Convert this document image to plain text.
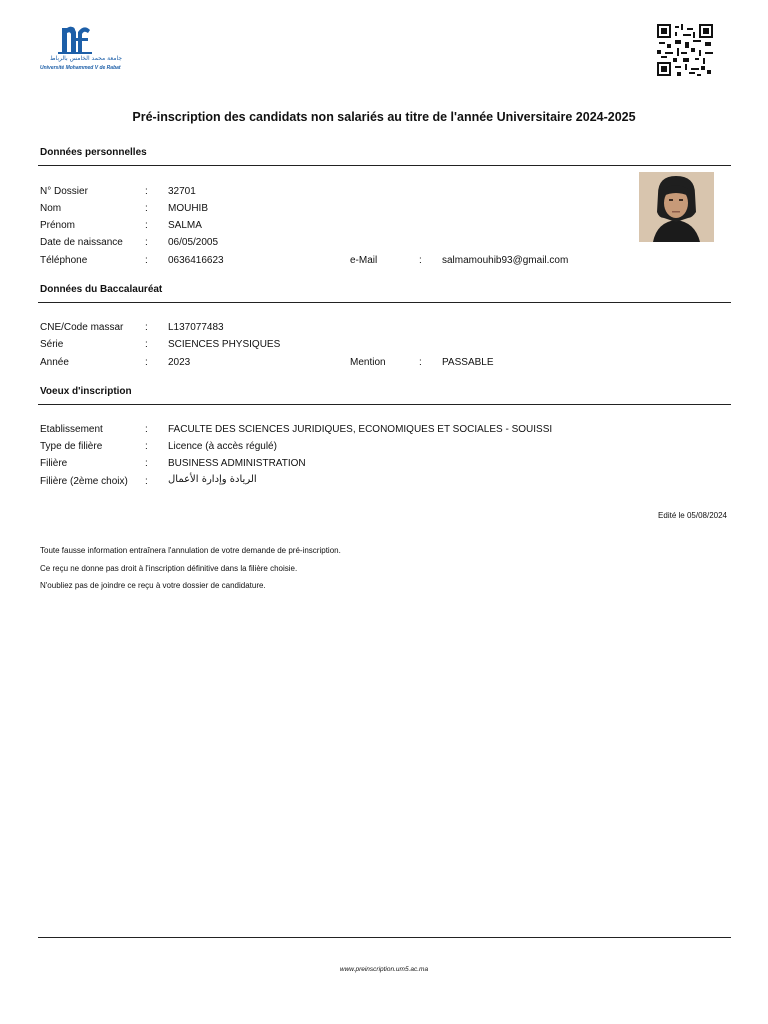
جامعة محمد الخامس بالرباط
Université Mohammed V de Rabat
Pré-inscription des candidats non salariés au titre de l'année Universitaire 2024-2025
Données personnelles
N° Dossier	: 32701
Nom	: MOUHIB
Prénom	: SALMA
Date de naissance : 06/05/2005
Téléphone	: 0636416623	e-Mail	: salmamouhib93@gmail.com
Données du Baccalauréat
CNE/Code massar : L137077483
Série	: SCIENCES PHYSIQUES
Année	: 2023	Mention	: PASSABLE
Voeux d'inscription
Etablissement	: FACULTE DES SCIENCES JURIDIQUES, ECONOMIQUES ET SOCIALES - SOUISSI
Type de filière	: Licence (à accès régulé)
Filière	: BUSINESS ADMINISTRATION
Filière (2ème choix) : الريادة وإدارة الأعمال
Edité le 05/08/2024
Toute fausse information entraînera l'annulation de votre demande de pré-inscription.
Ce reçu ne donne pas droit à l'inscription définitive dans la filière choisie.
N'oubliez pas de joindre ce reçu à votre dossier de candidature.
www.preinscription.um5.ac.ma
